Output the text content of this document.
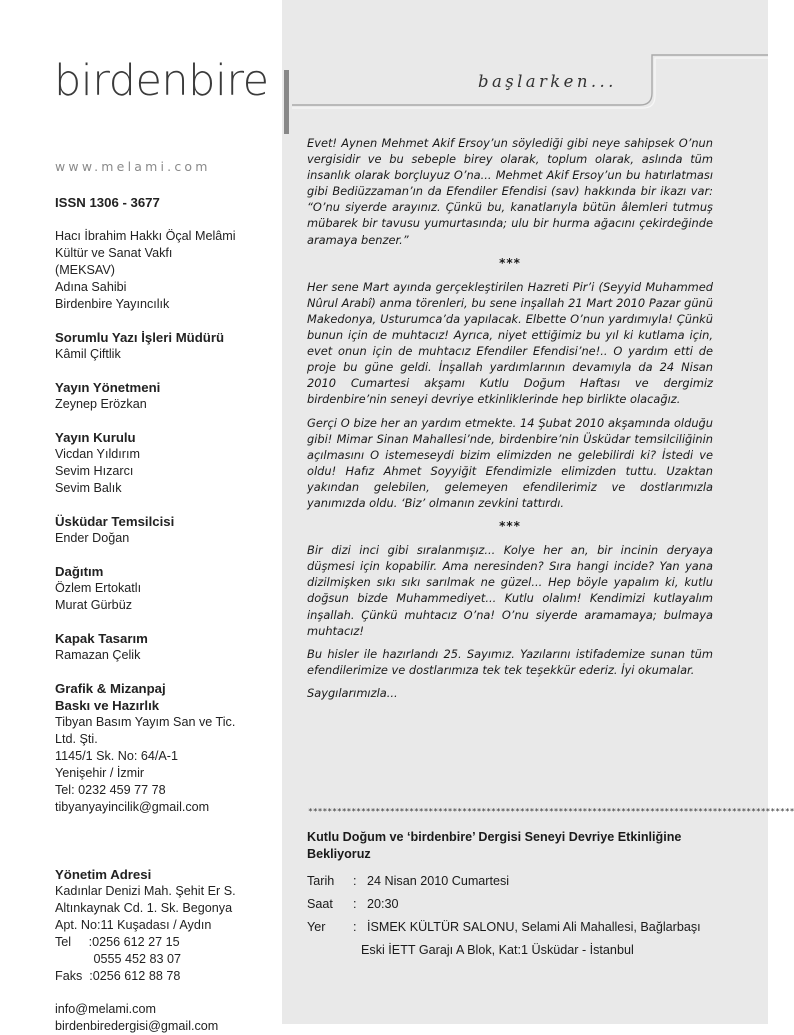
birdenbire
www.melami.com
ISSN 1306 - 3677

Hacı İbrahim Hakkı Öçal Melâmi

Kültür ve Sanat Vakfı

(MEKSAV)

Adına Sahibi

Birdenbire Yayıncılık

Sorumlu Yazı İşleri Müdürü
Kâmil Çiftlik
Yayın Yönetmeni
Zeynep Erözkan
Yayın Kurulu
Vicdan Yıldırım
Sevim Hızarcı
Sevim Balık
Üsküdar Temsilcisi
Ender Doğan
Dağıtım
Özlem Ertokatlı
Murat Gürbüz
Kapak Tasarım
Ramazan Çelik
Grafik & Mizanpaj
Baskı ve Hazırlık
Tibyan Basım Yayım San ve Tic.
Ltd. Şti.
1145/1 Sk. No: 64/A-1
Yenişehir / İzmir
Tel: 0232 459 77 78
tibyanyayincilik@gmail.com
Yönetim Adresi
Kadınlar Denizi Mah. Şehit Er S.
Altınkaynak Cd. 1. Sk. Begonya
Apt. No:11 Kuşadası / Aydın
Tel     :0256 612 27 15
0555 452 83 07
Faks  :0256 612 88 78
info@melami.com
birdenbiredergisi@gmail.com
başlarken...

Evet! Aynen Mehmet Akif Ersoy’un söylediği gibi neye sahipsek O’nun vergisidir ve bu sebeple birey olarak, toplum olarak, aslında tüm insanlık olarak borçluyuz O’na... Mehmet Akif Ersoy’un bu hatırlatması gibi Bediüzzaman’ın da Efendiler Efendisi (sav) hakkında bir ikazı var: “O’nu siyerde arayınız. Çünkü bu, kanatlarıyla bütün âlemleri tutmuş mübarek bir tavusu yumurtasında; ulu bir hurma ağacını çekirdeğinde aramaya benzer.”

***

Her sene Mart ayında gerçekleştirilen Hazreti Pir’i (Seyyid Muhammed Nûrul Arabî) anma törenleri, bu sene inşallah 21 Mart 2010 Pazar günü Makedonya, Usturumca’da yapılacak. Elbette O’nun yardımıyla! Çünkü bunun için de muhtacız! Ayrıca, niyet ettiğimiz bu yıl ki kutlama için, evet onun için de muhtacız Efendiler Efendisi’ne!.. O yardım etti de proje bu güne geldi. İnşallah yardımlarının devamıyla da 24 Nisan 2010 Cumartesi akşamı Kutlu Doğum Haftası ve dergimiz birdenbire’nin seneyi devriye etkinliklerinde hep birlikte olacağız.

Gerçi O bize her an yardım etmekte. 14 Şubat 2010 akşamında olduğu gibi! Mimar Sinan Mahallesi’nde, birdenbire’nin Üsküdar temsilciliğinin açılmasını O istemeseydi bizim elimizden ne gelebilirdi ki? İstedi ve oldu! Hafız Ahmet Soyyiğit Efendimizle elimizden tuttu. Uzaktan yakından gelebilen, gelemeyen efendilerimiz ve dostlarımızla yanımızda oldu. ‘Biz’ olmanın zevkini tattırdı.

***

Bir dizi inci gibi sıralanmışız... Kolye her an, bir incinin deryaya düşmesi için kopabilir. Ama neresinden? Sıra hangi incide? Yan yana dizilmişken sıkı sıkı sarılmak ne güzel... Hep böyle yapalım ki, kutlu doğsun bizde Muhammediyet... Kutlu olalım! Kendimizi kutlayalım inşallah. Çünkü muhtacız O’na! O’nu siyerde aramamaya; bulmaya muhtacız!

Bu hisler ile hazırlandı 25. Sayımız. Yazılarını istifademize sunan tüm efendilerimize ve dostlarımıza tek tek teşekkür ederiz. İyi okumalar.

Saygılarımızla...

*****************************************************************************************************
Kutlu Doğum ve ‘birdenbire’ Dergisi Seneyi Devriye Etkinliğine Bekliyoruz
Tarih	: 24 Nisan 2010 Cumartesi
Saat	: 20:30
Yer	: İSMEK KÜLTÜR SALONU, Selami Ali Mahallesi, Bağlarbaşı
Eski İETT Garajı A Blok, Kat:1 Üsküdar - İstanbul
